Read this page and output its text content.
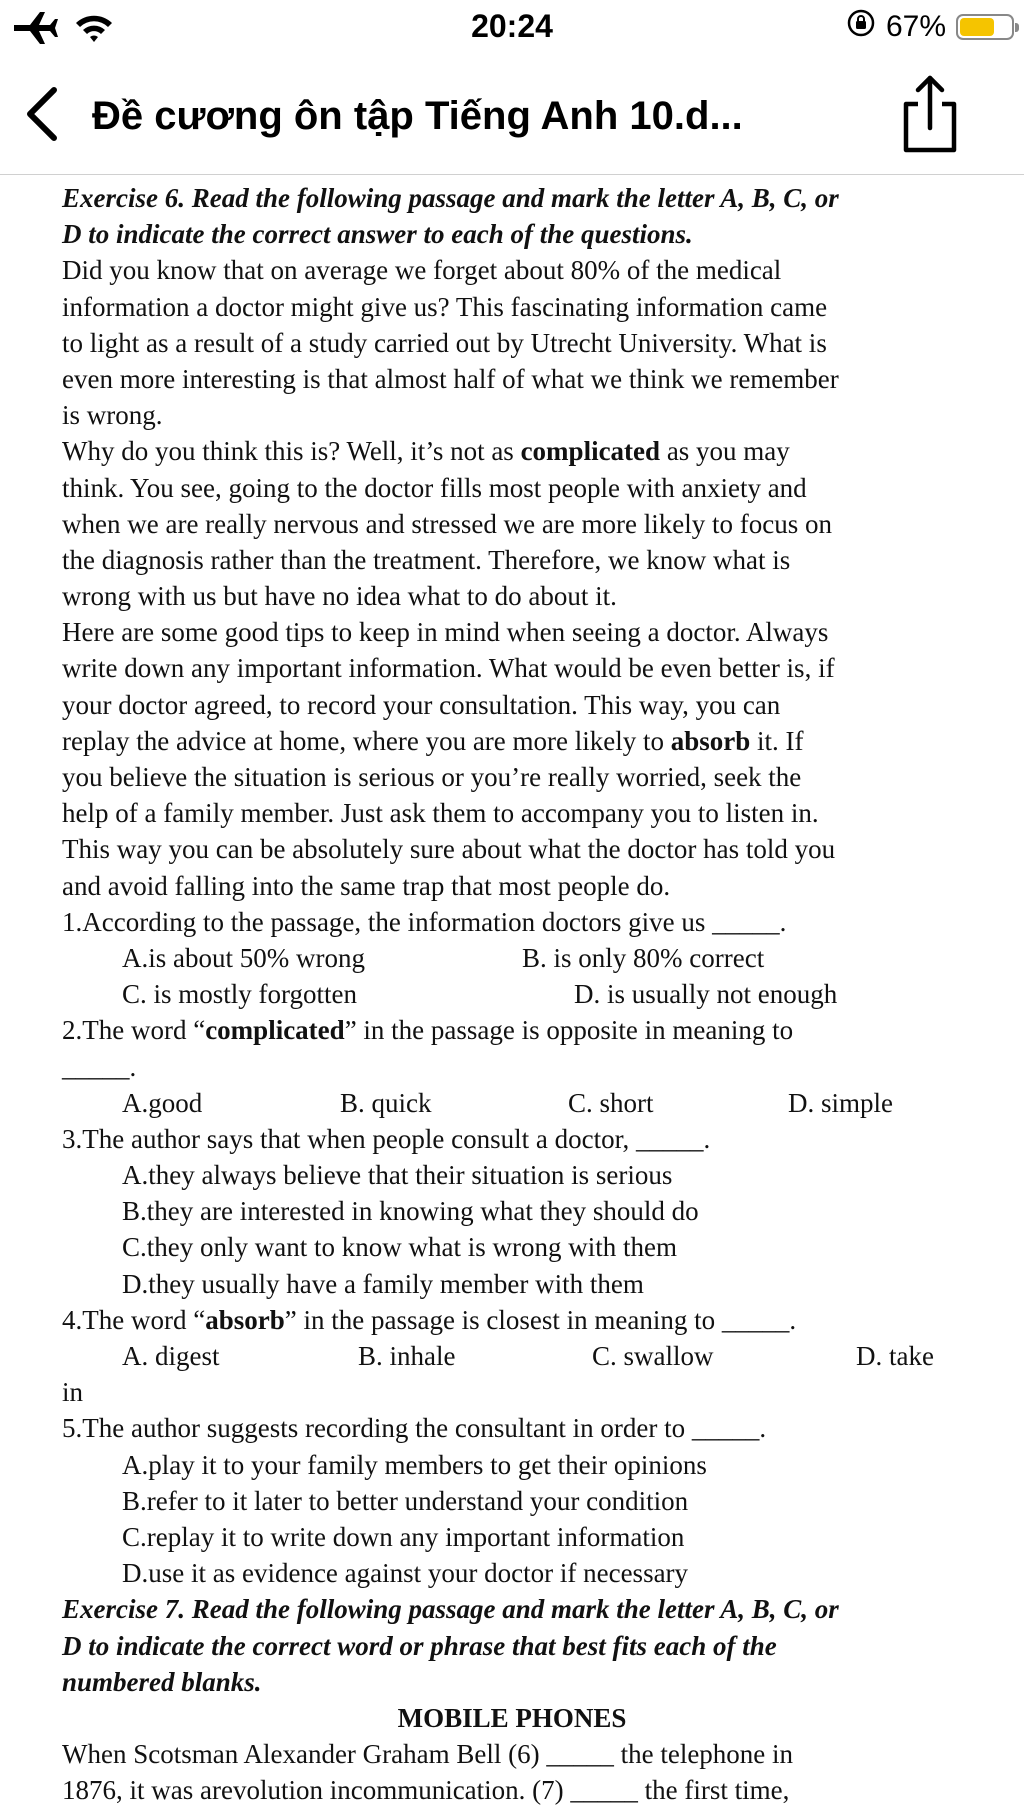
20:24	67%
Đề cương ôn tập Tiếng Anh 10.d...
Exercise 6. Read the following passage and mark the letter A, B, C, or
D to indicate the correct answer to each of the questions.
Did you know that on average we forget about 80% of the medical
information a doctor might give us? This fascinating information came
to light as a result of a study carried out by Utrecht University. What is
even more interesting is that almost half of what we think we remember
is wrong.
Why do you think this is? Well, it’s not as complicated as you may
think. You see, going to the doctor fills most people with anxiety and
when we are really nervous and stressed we are more likely to focus on
the diagnosis rather than the treatment. Therefore, we know what is
wrong with us but have no idea what to do about it.
Here are some good tips to keep in mind when seeing a doctor. Always
write down any important information. What would be even better is, if
your doctor agreed, to record your consultation. This way, you can
replay the advice at home, where you are more likely to absorb it. If
you believe the situation is serious or you’re really worried, seek the
help of a family member. Just ask them to accompany you to listen in.
This way you can be absolutely sure about what the doctor has told you
and avoid falling into the same trap that most people do.
1.According to the passage, the information doctors give us _____.
A.is about 50% wrong	B. is only 80% correct
C. is mostly forgotten	D. is usually not enough
2.The word “complicated” in the passage is opposite in meaning to
_____.
A.good	B. quick	C. short	D. simple
3.The author says that when people consult a doctor, _____.
A.they always believe that their situation is serious
B.they are interested in knowing what they should do
C.they only want to know what is wrong with them
D.they usually have a family member with them
4.The word “absorb” in the passage is closest in meaning to _____.
A. digest	B. inhale	C. swallow	D. take
in
5.The author suggests recording the consultant in order to _____.
A.play it to your family members to get their opinions
B.refer to it later to better understand your condition
C.replay it to write down any important information
D.use it as evidence against your doctor if necessary
Exercise 7. Read the following passage and mark the letter A, B, C, or
D to indicate the correct word or phrase that best fits each of the
numbered blanks.
MOBILE PHONES
When Scotsman Alexander Graham Bell (6) _____ the telephone in
1876, it was arevolution incommunication. (7) _____ the first time,
